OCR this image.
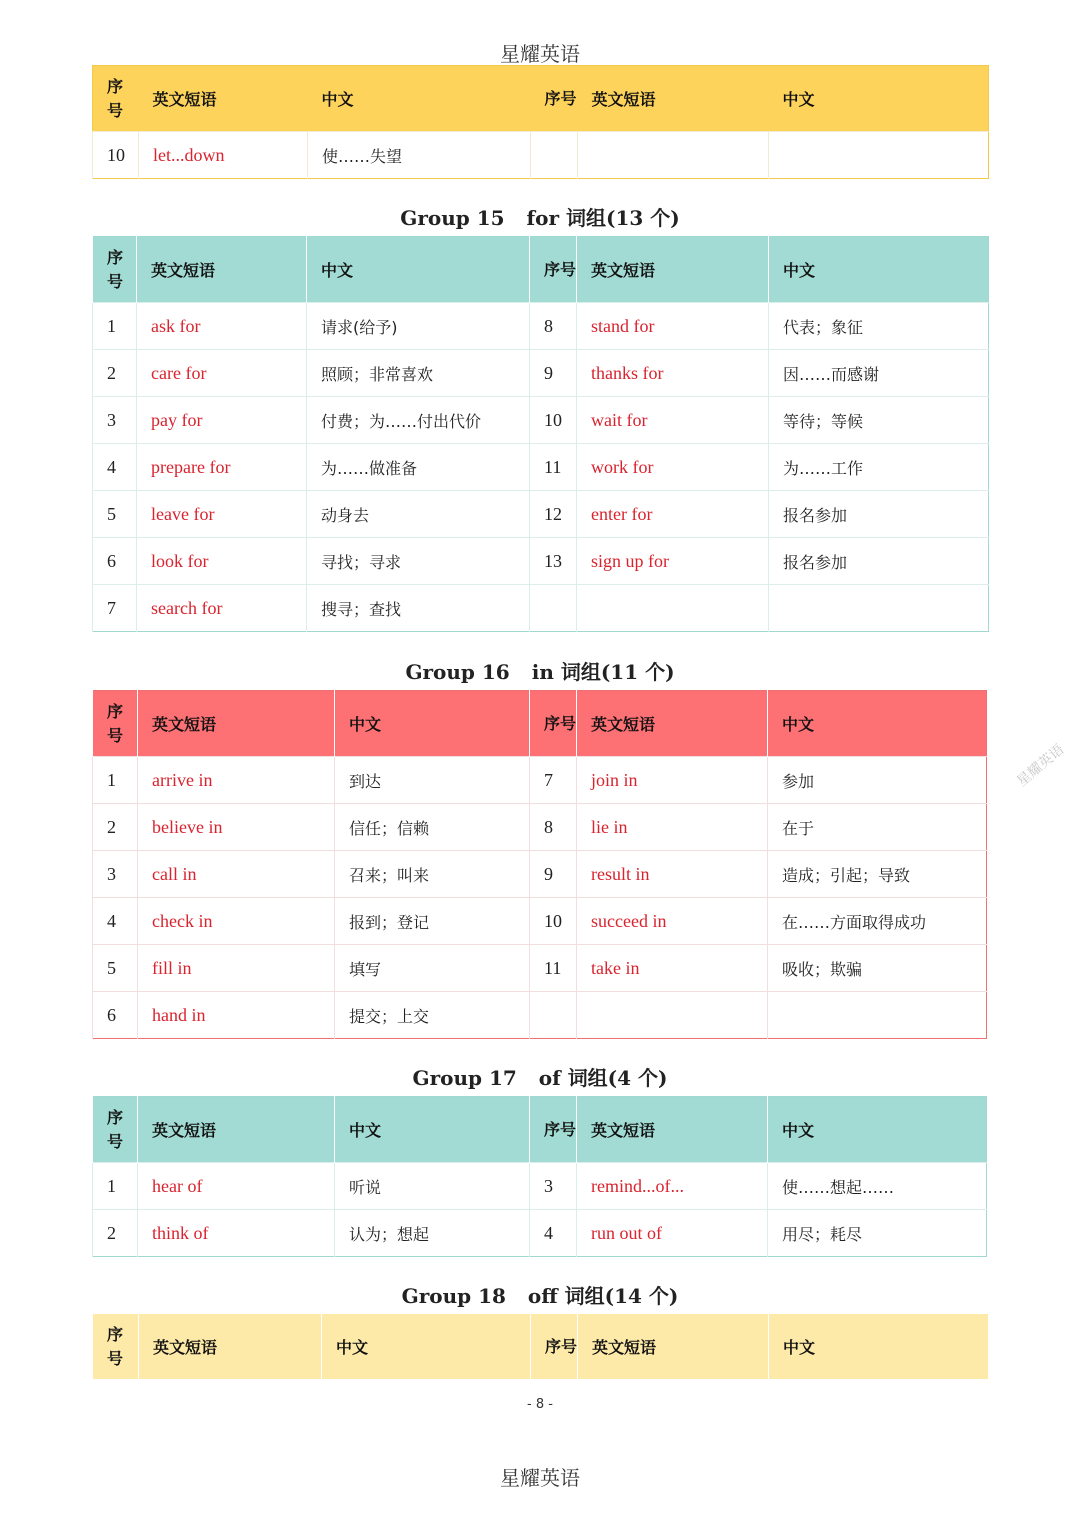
星耀英语
序号	英文短语	中文	序号	英文短语	中文
10	let...down	使……失望			
Group 15 for 词组(13 个)
序号	英文短语	中文	序号	英文短语	中文
1	ask for	请求(给予)	8	stand for	代表；象征
2	care for	照顾；非常喜欢	9	thanks for	因……而感谢
3	pay for	付费；为……付出代价	10	wait for	等待；等候
4	prepare for	为……做准备	11	work for	为……工作
5	leave for	动身去	12	enter for	报名参加
6	look for	寻找；寻求	13	sign up for	报名参加
7	search for	搜寻；查找			
Group 16 in 词组(11 个)
序号	英文短语	中文	序号	英文短语	中文
1	arrive in	到达	7	join in	参加
2	believe in	信任；信赖	8	lie in	在于
3	call in	召来；叫来	9	result in	造成；引起；导致
4	check in	报到；登记	10	succeed in	在……方面取得成功
5	fill in	填写	11	take in	吸收；欺骗
6	hand in	提交；上交			
Group 17 of 词组(4 个)
序号	英文短语	中文	序号	英文短语	中文
1	hear of	听说	3	remind...of...	使……想起……
2	think of	认为；想起	4	run out of	用尽；耗尽
Group 18 off 词组(14 个)
序号	英文短语	中文	序号	英文短语	中文
- 8 -
星耀英语
星耀英语
